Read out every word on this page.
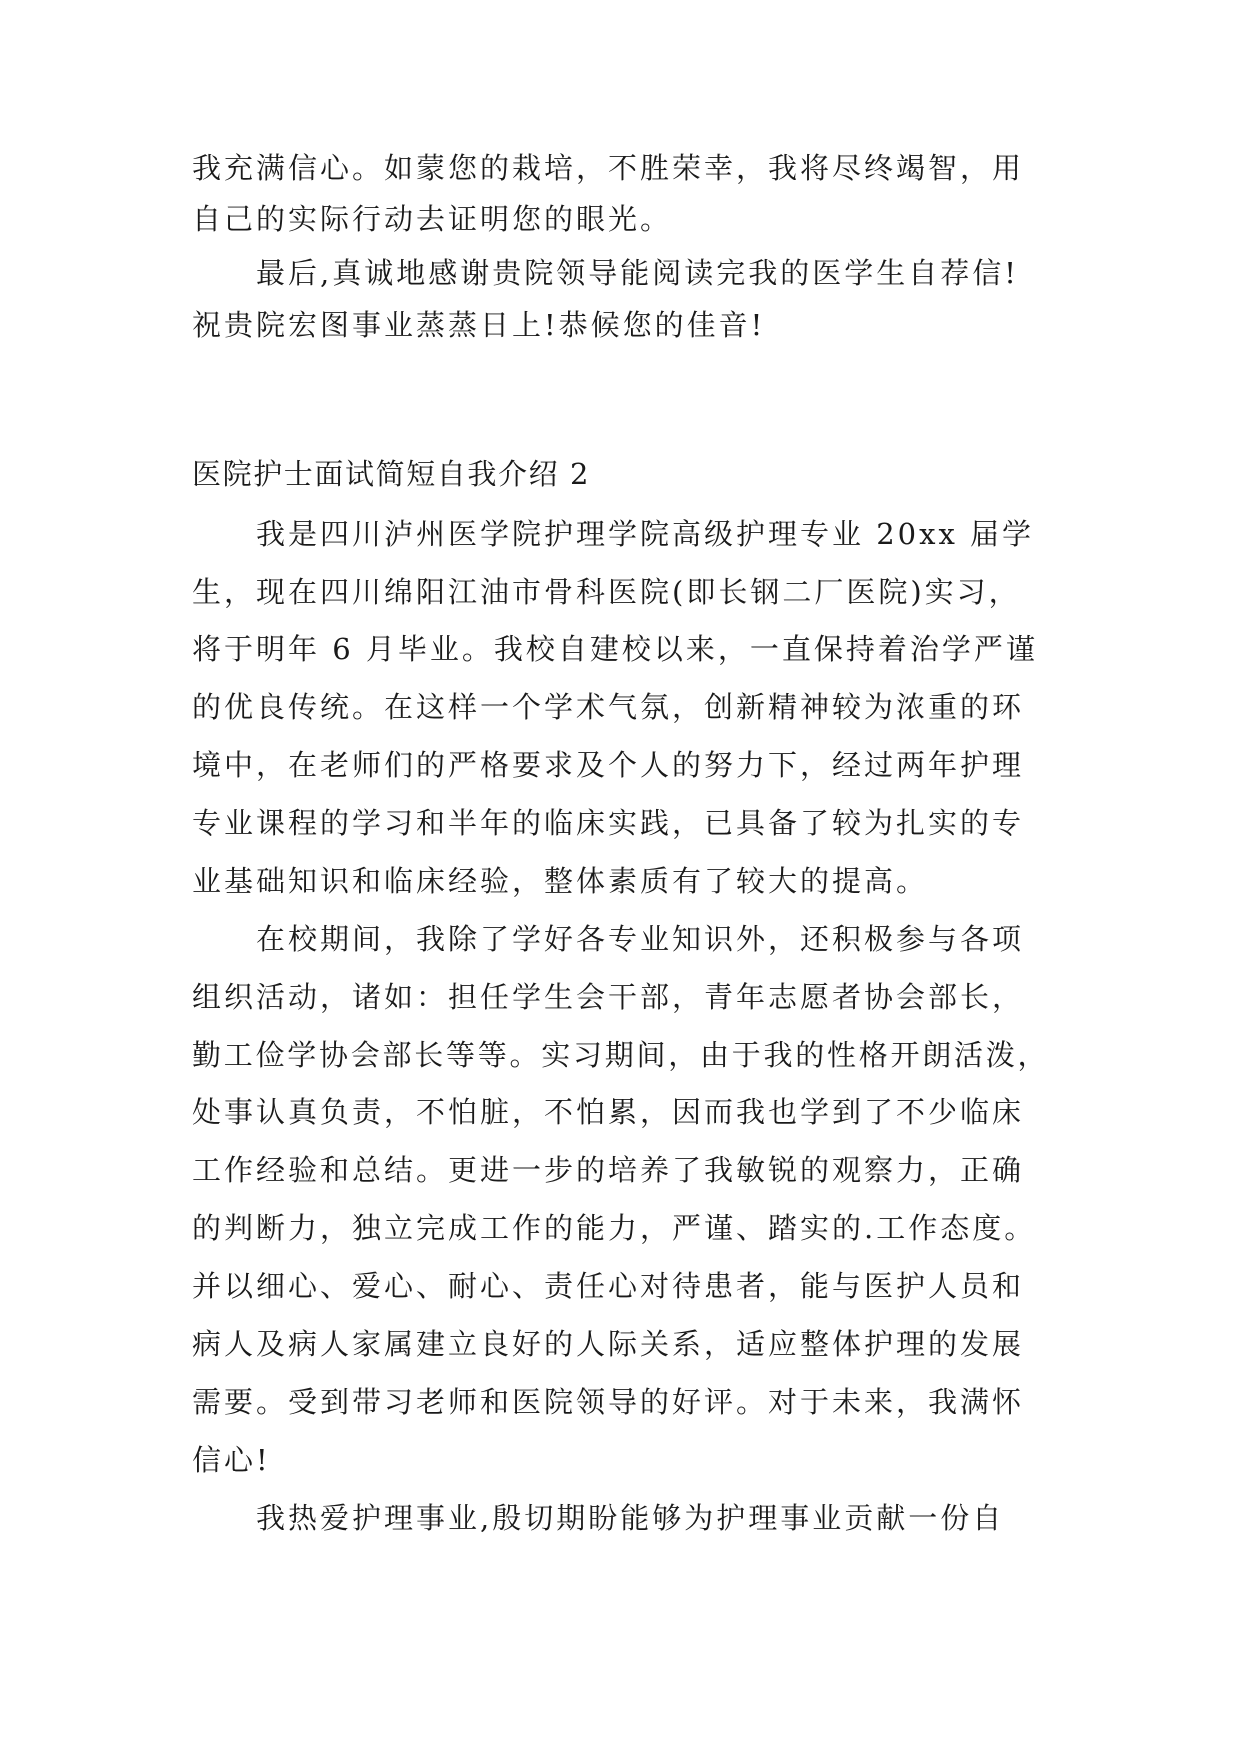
我充满信心。如蒙您的栽培，不胜荣幸，我将尽终竭智，用

自己的实际行动去证明您的眼光。

　　最后,真诚地感谢贵院领导能阅读完我的医学生自荐信!

祝贵院宏图事业蒸蒸日上!恭候您的佳音!

医院护士面试简短自我介绍 2

　　我是四川泸州医学院护理学院高级护理专业 20xx 届学

生，现在四川绵阳江油市骨科医院(即长钢二厂医院)实习，

将于明年 6 月毕业。我校自建校以来，一直保持着治学严谨

的优良传统。在这样一个学术气氛，创新精神较为浓重的环

境中，在老师们的严格要求及个人的努力下，经过两年护理

专业课程的学习和半年的临床实践，已具备了较为扎实的专

业基础知识和临床经验，整体素质有了较大的提高。

　　在校期间，我除了学好各专业知识外，还积极参与各项

组织活动，诸如：担任学生会干部，青年志愿者协会部长，

勤工俭学协会部长等等。实习期间，由于我的性格开朗活泼，

处事认真负责，不怕脏，不怕累，因而我也学到了不少临床

工作经验和总结。更进一步的培养了我敏锐的观察力，正确

的判断力，独立完成工作的能力，严谨、踏实的.工作态度。

并以细心、爱心、耐心、责任心对待患者，能与医护人员和

病人及病人家属建立良好的人际关系，适应整体护理的发展

需要。受到带习老师和医院领导的好评。对于未来，我满怀

信心!

　　我热爱护理事业,殷切期盼能够为护理事业贡献一份自
